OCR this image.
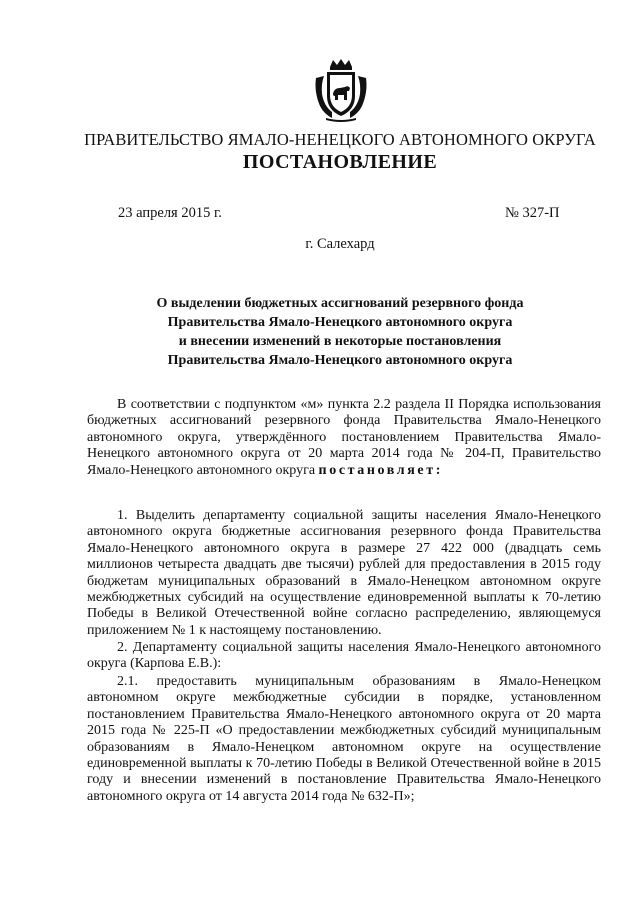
ПРАВИТЕЛЬСТВО ЯМАЛО-НЕНЕЦКОГО АВТОНОМНОГО ОКРУГА
ПОСТАНОВЛЕНИЕ
23 апреля 2015 г.	№ 327-П
г. Салехард
О выделении бюджетных ассигнований резервного фонда
Правительства Ямало-Ненецкого автономного округа
и внесении изменений в некоторые постановления
Правительства Ямало-Ненецкого автономного округа
В соответствии с подпунктом «м» пункта 2.2 раздела II Порядка использования бюджетных ассигнований резервного фонда Правительства Ямало-Ненецкого автономного округа, утверждённого постановлением Правительства Ямало-Ненецкого автономного округа от 20 марта 2014 года № 204-П, Правительство Ямало-Ненецкого автономного округа постановляет:
1. Выделить департаменту социальной защиты населения Ямало-Ненецкого автономного округа бюджетные ассигнования резервного фонда Правительства Ямало-Ненецкого автономного округа в размере 27 422 000 (двадцать семь миллионов четыреста двадцать две тысячи) рублей для предоставления в 2015 году бюджетам муниципальных образований в Ямало-Ненецком автономном округе межбюджетных субсидий на осуществление единовременной выплаты к 70-летию Победы в Великой Отечественной войне согласно распределению, являющемуся приложением № 1 к настоящему постановлению.
2. Департаменту социальной защиты населения Ямало-Ненецкого автономного округа (Карпова Е.В.):
2.1. предоставить муниципальным образованиям в Ямало-Ненецком автономном округе межбюджетные субсидии в порядке, установленном постановлением Правительства Ямало-Ненецкого автономного округа от 20 марта 2015 года № 225-П «О предоставлении межбюджетных субсидий муниципальным образованиям в Ямало-Ненецком автономном округе на осуществление единовременной выплаты к 70-летию Победы в Великой Отечественной войне в 2015 году и внесении изменений в постановление Правительства Ямало-Ненецкого автономного округа от 14 августа 2014 года № 632-П»;
